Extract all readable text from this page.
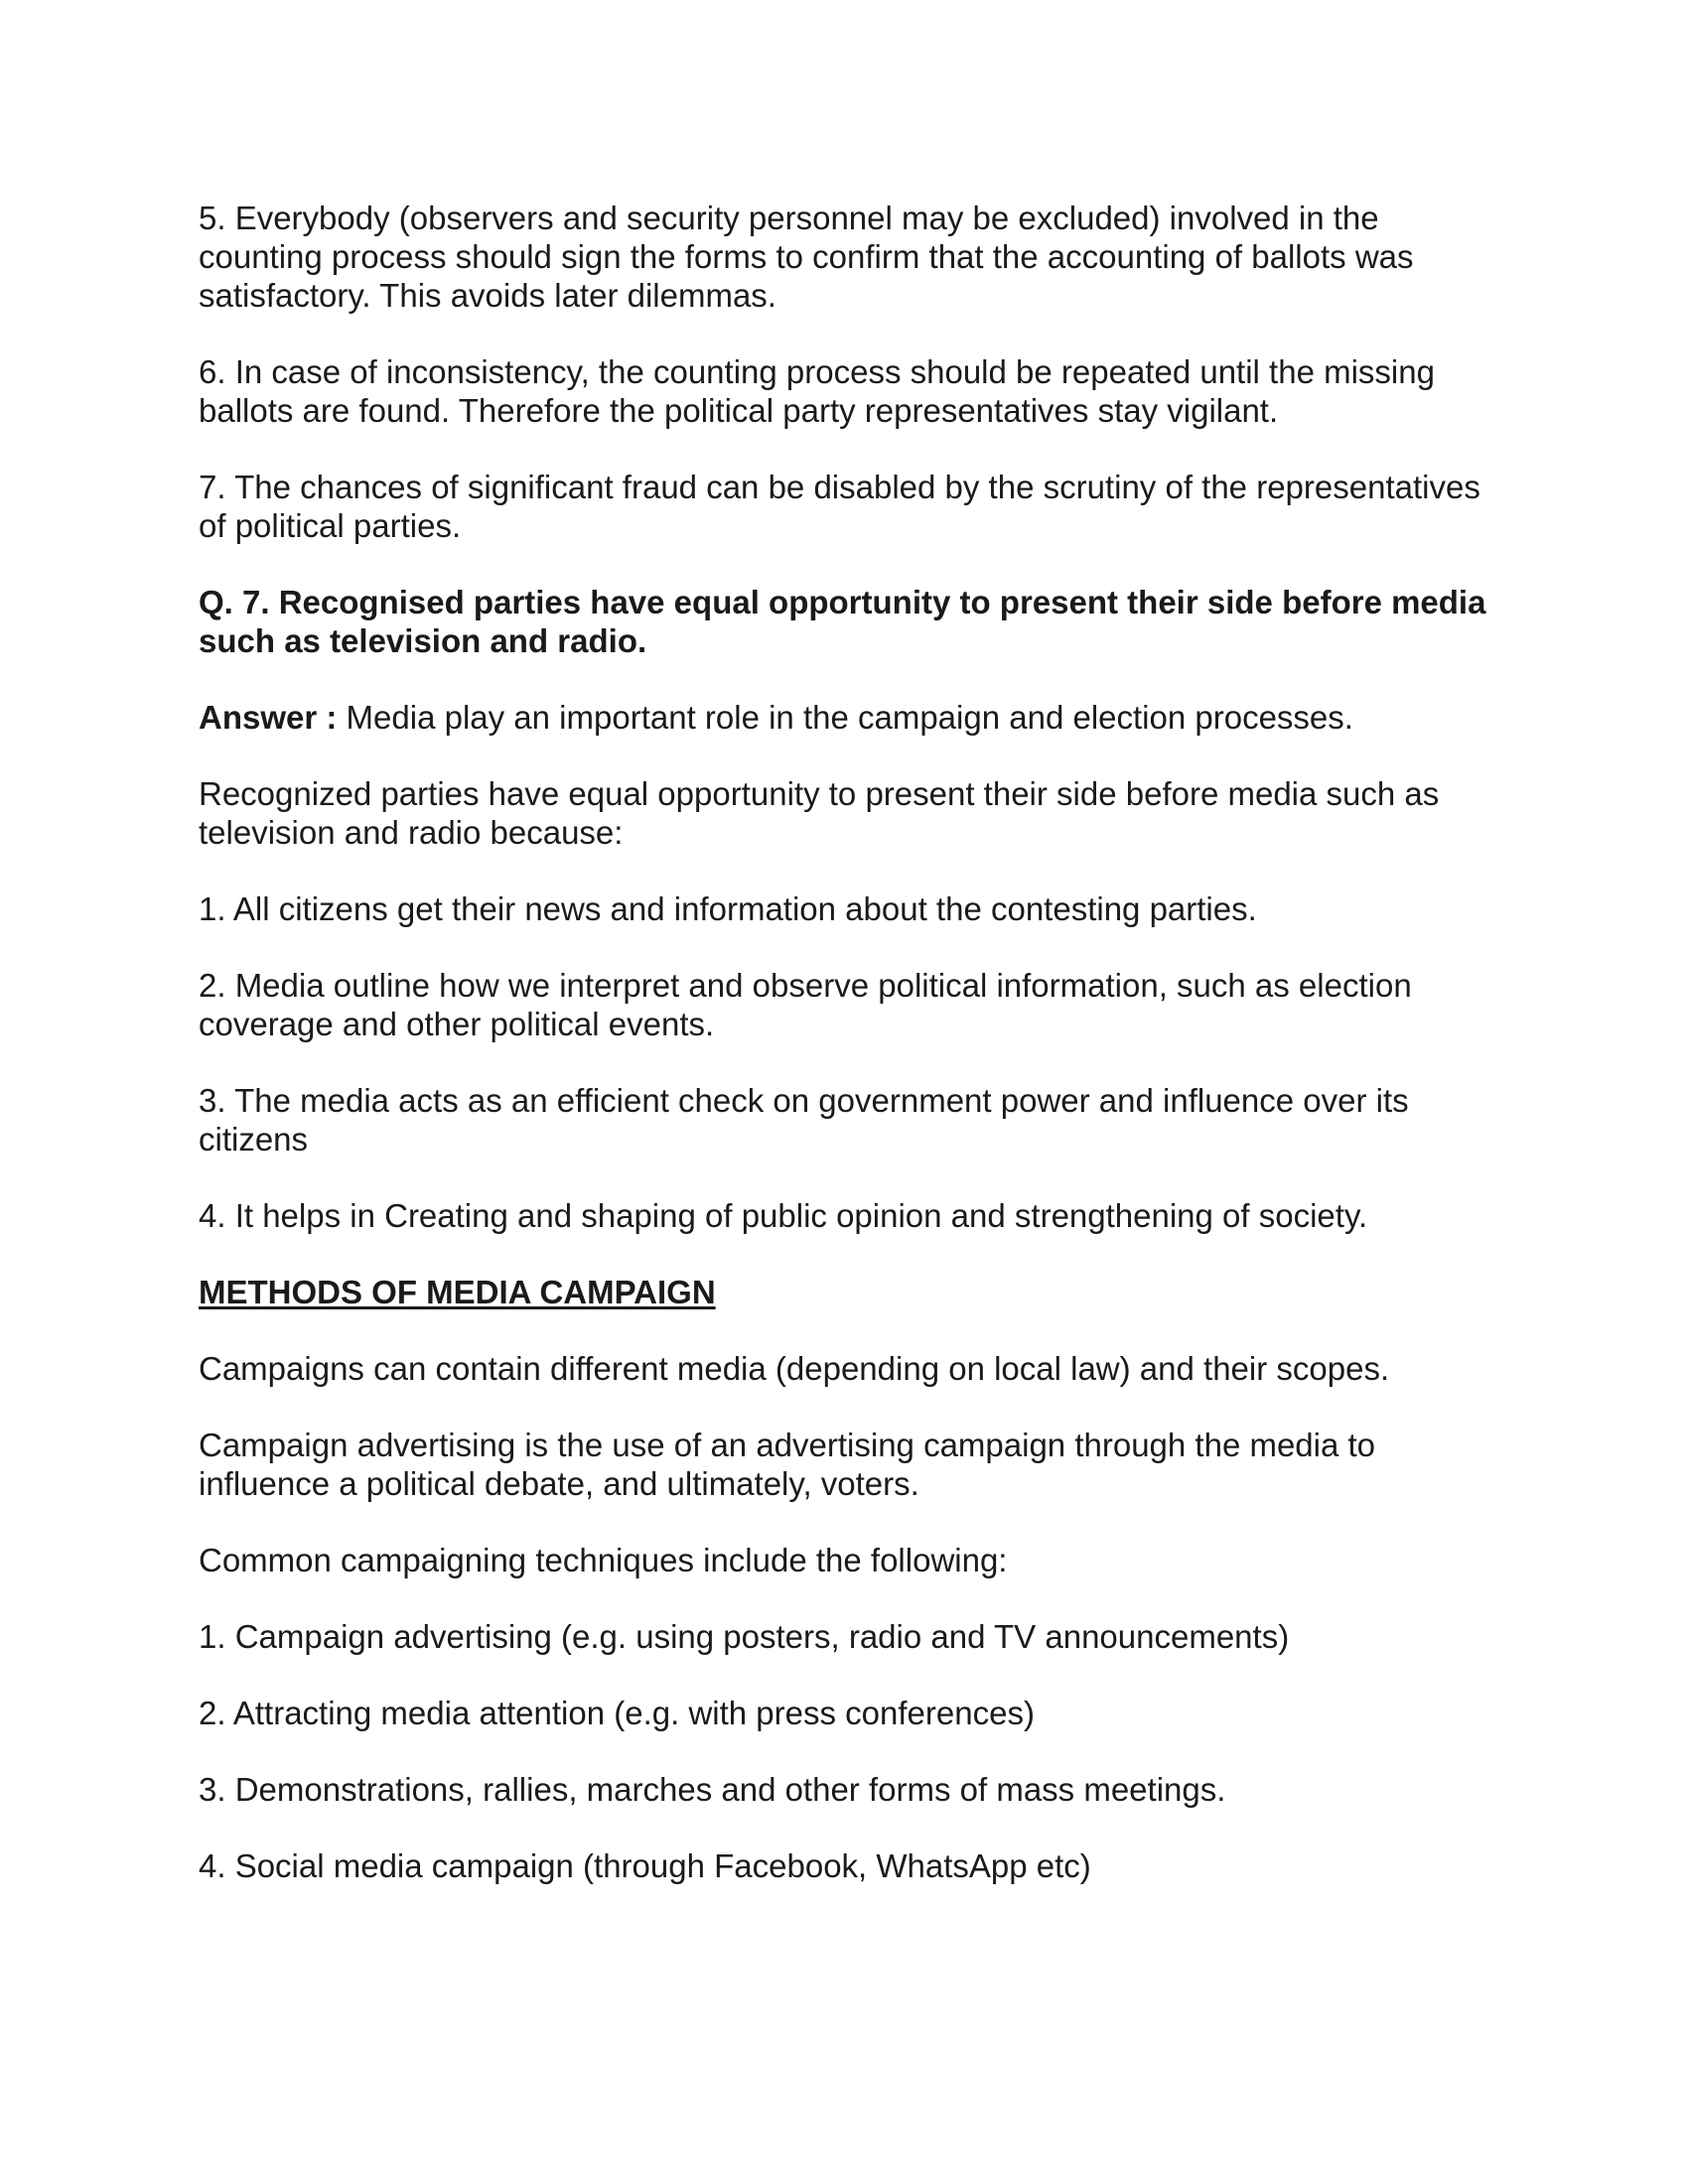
5. Everybody (observers and security personnel may be excluded) involved in the counting process should sign the forms to confirm that the accounting of ballots was satisfactory. This avoids later dilemmas.

6. In case of inconsistency, the counting process should be repeated until the missing ballots are found. Therefore the political party representatives stay vigilant.

7. The chances of significant fraud can be disabled by the scrutiny of the representatives of political parties.

Q. 7. Recognised parties have equal opportunity to present their side before media such as television and radio.

Answer : Media play an important role in the campaign and election processes.

Recognized parties have equal opportunity to present their side before media such as television and radio because:

1. All citizens get their news and information about the contesting parties.

2. Media outline how we interpret and observe political information, such as election coverage and other political events.

3. The media acts as an efficient check on government power and influence over its citizens

4. It helps in Creating and shaping of public opinion and strengthening of society.

METHODS OF MEDIA CAMPAIGN

Campaigns can contain different media (depending on local law) and their scopes.

Campaign advertising is the use of an advertising campaign through the media to influence a political debate, and ultimately, voters.

Common campaigning techniques include the following:

1. Campaign advertising (e.g. using posters, radio and TV announcements)

2. Attracting media attention (e.g. with press conferences)

3. Demonstrations, rallies, marches and other forms of mass meetings.

4. Social media campaign (through Facebook, WhatsApp etc)
